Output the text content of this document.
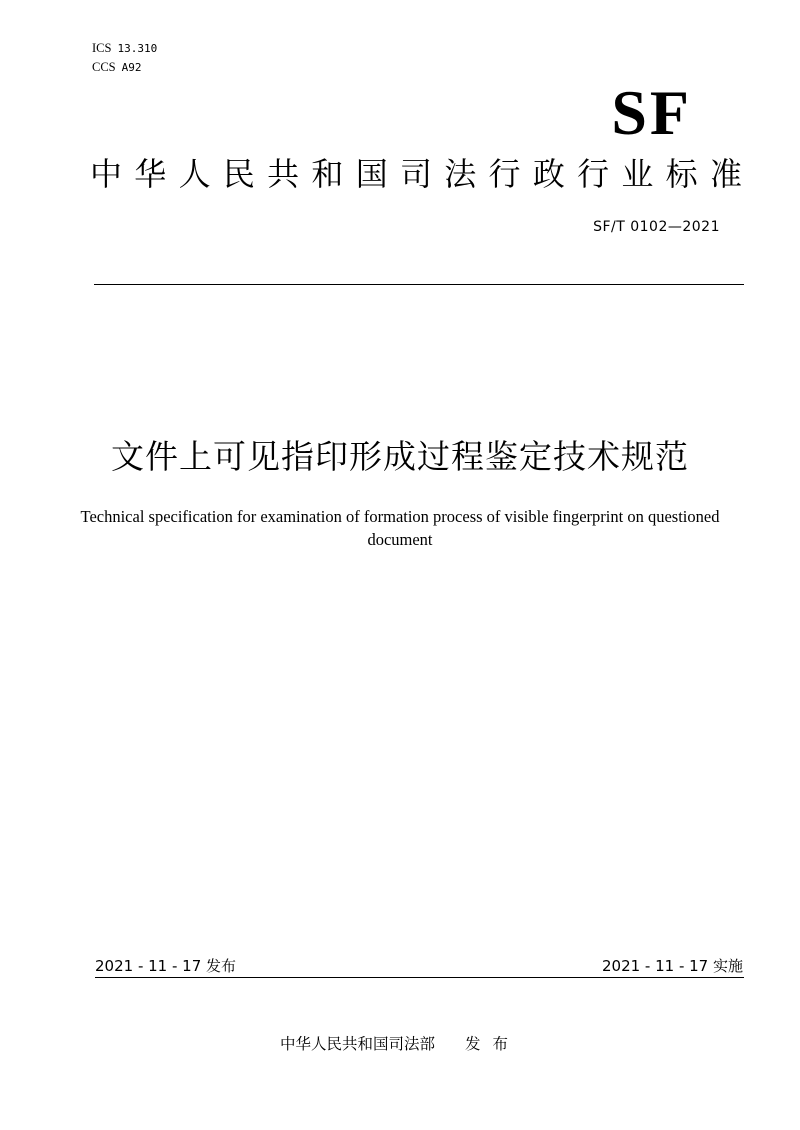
ICS 13.310
CCS A92
SF
中 华 人 民 共 和 国 司 法 行 政 行 业 标 准
SF/T 0102—2021
文件上可见指印形成过程鉴定技术规范
Technical specification for examination of formation process of visible fingerprint on questioned document
2021 - 11 - 17 发布	2021 - 11 - 17 实施
中华人民共和国司法部 发布
